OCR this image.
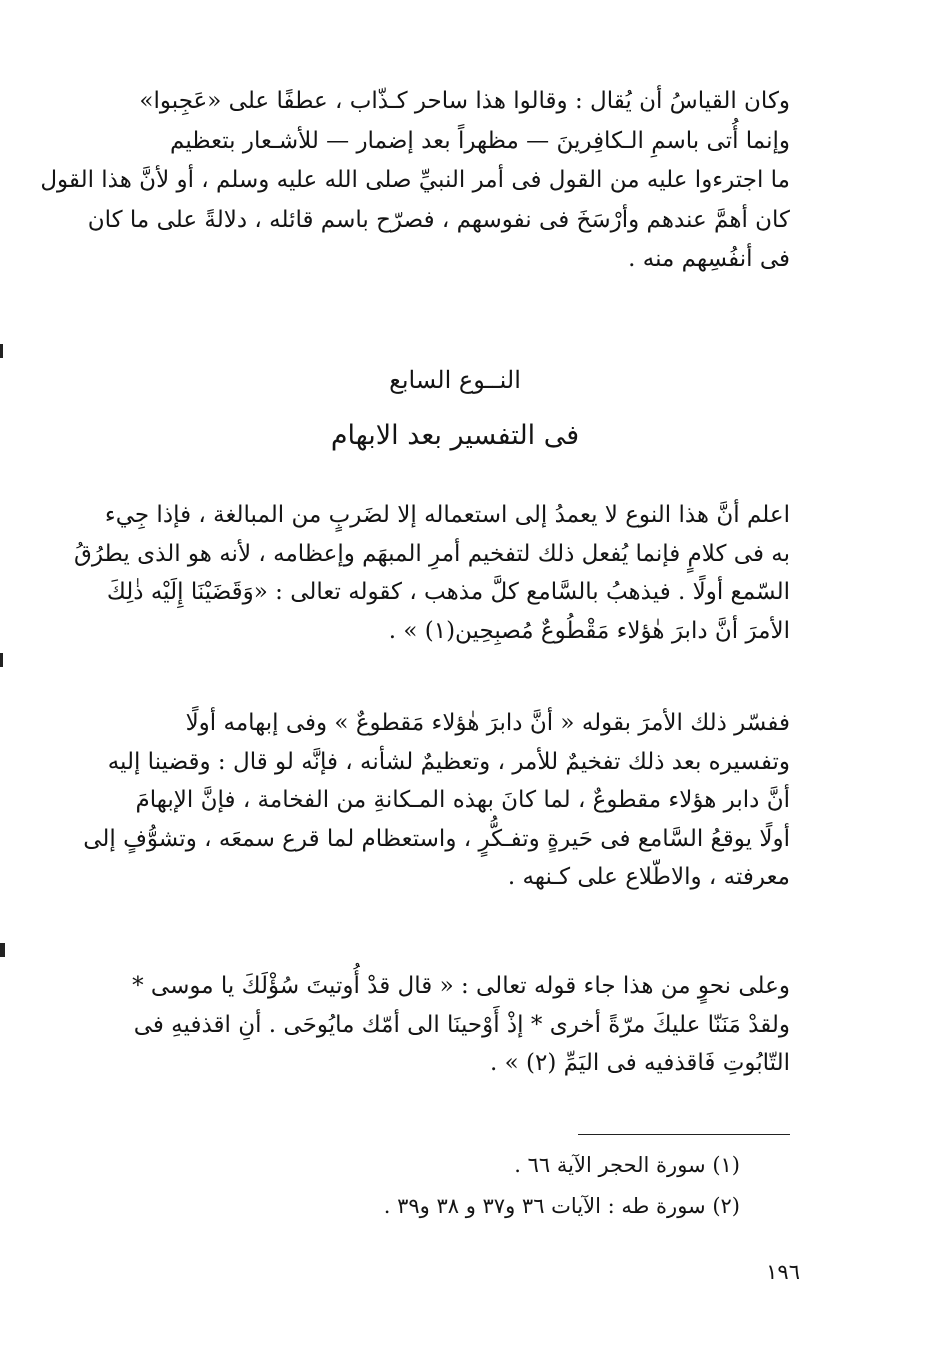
وكان القياسُ أن يُقال : وقالوا هذا ساحر كـذّاب ، عطفًا على «عَجِبوا»
وإنما أُتى باسمِ الـكافِرينَ — مظهراً بعد إضمار — للأشـعار بتعظيم
ما اجترءوا عليه من القول فى أمر النبيِّ صلى الله عليه وسلم ، أو لأنَّ هذا القول
كان أهمَّ عندهم وأرْسَخَ فى نفوسهم ، فصرّح باسم قائله ، دلالةً على ما كان
فى أنفُسِهم منه .
النــوع السابع
فى التفسير بعد الابهام
اعلم أنَّ هذا النوع لا يعمدُ إلى استعماله إلا لضَربٍ من المبالغة ، فإذا جِيء
به فى كلامٍ فإنما يُفعل ذلك لتفخيم أمرِ المبهَم وإعظامه ، لأنه هو الذى يطرُقُ
السّمع أولًا . فيذهبُ بالسَّامع كلَّ مذهب ، كقوله تعالى : «وَقَضَيْنَا إِلَيْه ذٰلِكَ
الأمرَ أنَّ دابرَ هٰؤلاء مَقْطُوعٌ مُصبِحِين(١) » .
ففسّر ذلك الأمرَ بقوله « أنَّ دابرَ هٰؤلاء مَقطوعٌ » وفى إبهامه أولًا
وتفسيره بعد ذلك تفخيمٌ للأمر ، وتعظيمٌ لشأنه ، فإنَّه لو قال : وقضينا إليه
أنَّ دابر هؤلاء مقطوعٌ ، لما كانَ بهذه المـكانةِ من الفخامة ، فإنَّ الإبهامَ
أولًا يوقعُ السَّامع فى حَيرةٍ وتفـكُّرٍ ، واستعظام لما قرع سمعَه ، وتشوُّفٍ إلى
معرفته ، والاطّلاع على كـنهه .
وعلى نحوٍ من هذا جاء قوله تعالى : « قال قدْ أُوتيتَ سُؤْلَكَ يا موسى *
ولقدْ مَنَنّا عليكَ مرّةً أخرى * إذْ أَوْحينَا الى أمّك مايُوحَى . أنِ اقذفيهِ فى
التّابُوتِ فَاقذفيه فى اليَمِّ (٢) » .
(١) سورة الحجر الآية ٦٦ .
(٢) سورة طه : الآيات ٣٦ و٣٧ و ٣٨ و٣٩ .
١٩٦
